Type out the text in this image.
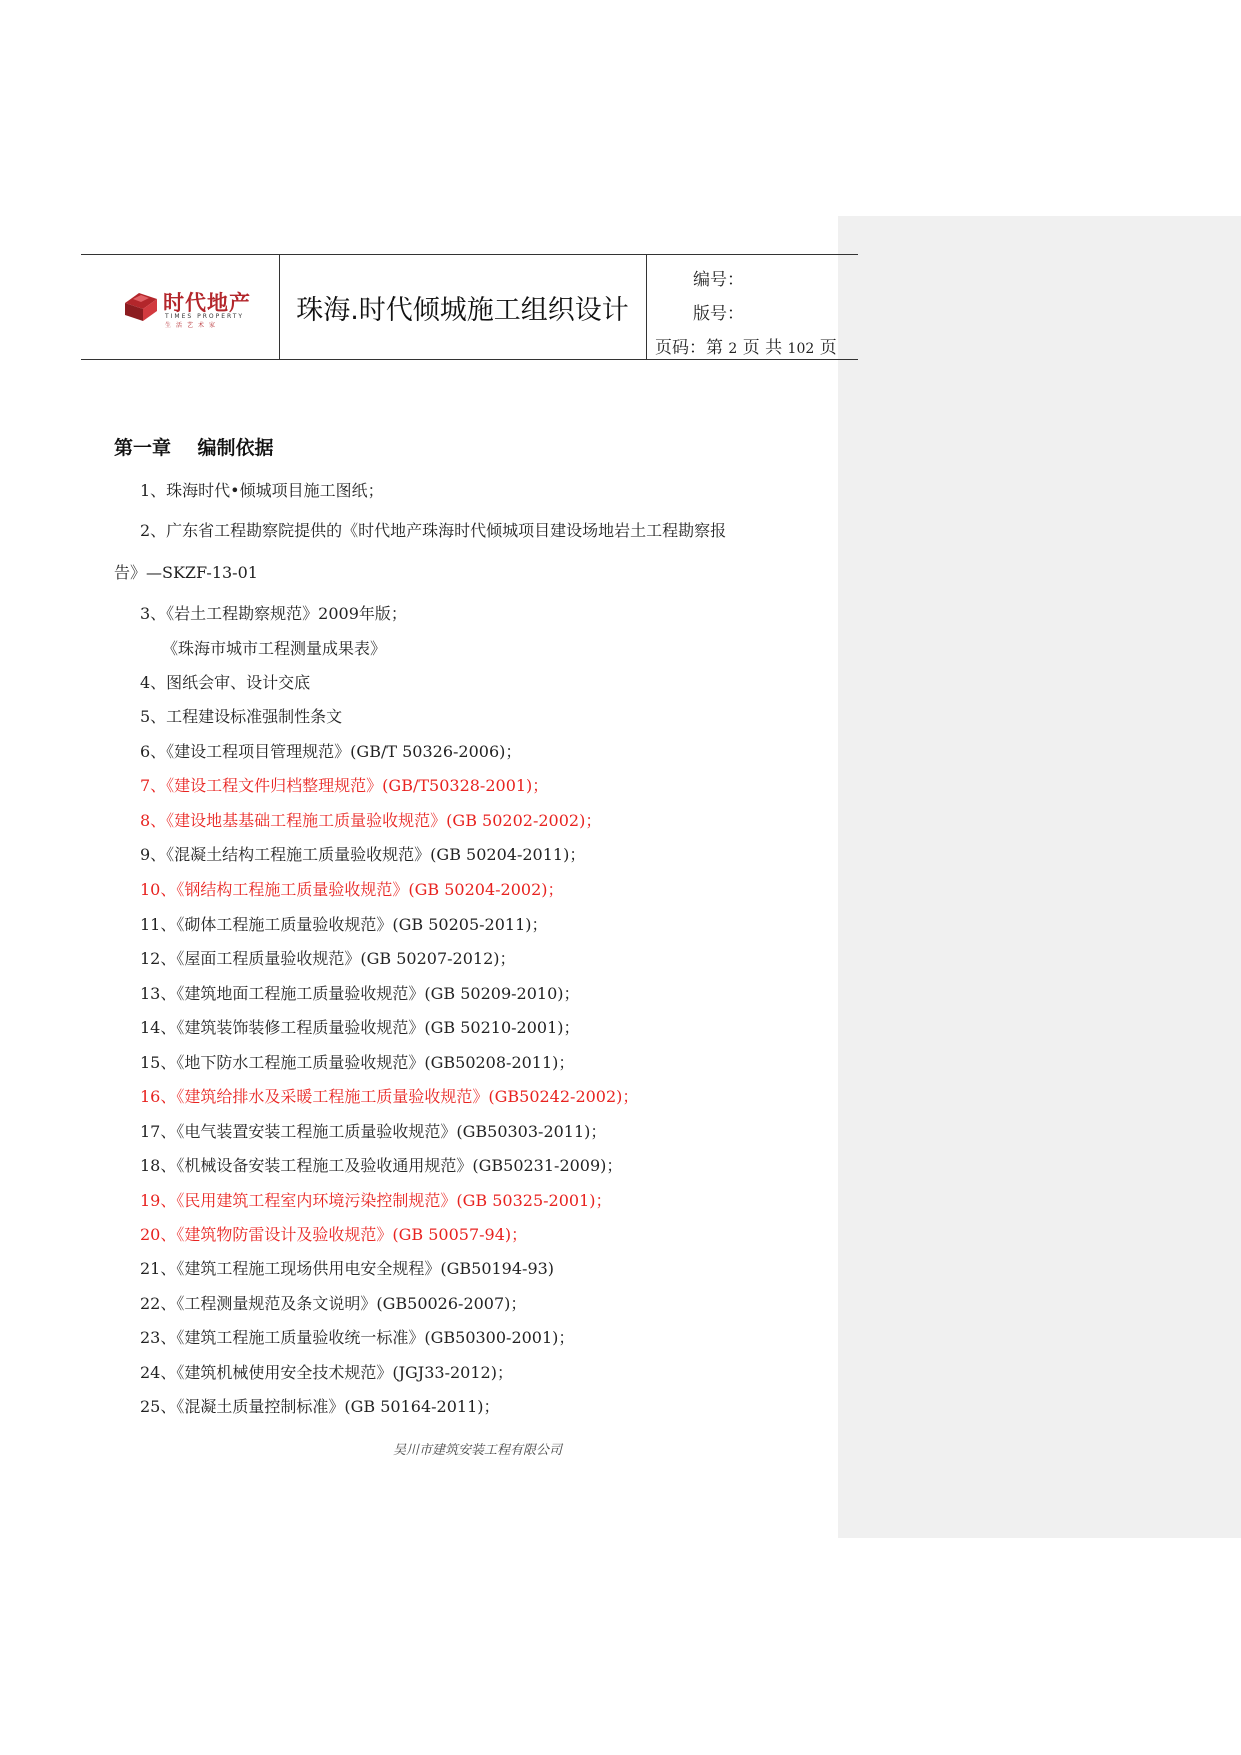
时代地产
TIMES PROPERTY
生活艺术家	珠海.时代倾城施工组织设计
编号：
版号：
页码：第 2 页 共 102 页
第一章    编制依据
1、珠海时代•倾城项目施工图纸；
2、广东省工程勘察院提供的《时代地产珠海时代倾城项目建设场地岩土工程勘察报
告》—SKZF-13-01
3、《岩土工程勘察规范》2009年版；
《珠海市城市工程测量成果表》
4、图纸会审、设计交底
5、工程建设标准强制性条文
6、《建设工程项目管理规范》(GB/T 50326-2006)；
7、《建设工程文件归档整理规范》(GB/T50328-2001)；
8、《建设地基基础工程施工质量验收规范》(GB 50202-2002)；
9、《混凝土结构工程施工质量验收规范》(GB 50204-2011)；
10、《钢结构工程施工质量验收规范》(GB 50204-2002)；
11、《砌体工程施工质量验收规范》(GB 50205-2011)；
12、《屋面工程质量验收规范》(GB 50207-2012)；
13、《建筑地面工程施工质量验收规范》(GB 50209-2010)；
14、《建筑装饰装修工程质量验收规范》(GB 50210-2001)；
15、《地下防水工程施工质量验收规范》(GB50208-2011)；
16、《建筑给排水及采暖工程施工质量验收规范》(GB50242-2002)；
17、《电气装置安装工程施工质量验收规范》(GB50303-2011)；
18、《机械设备安装工程施工及验收通用规范》(GB50231-2009)；
19、《民用建筑工程室内环境污染控制规范》(GB 50325-2001)；
20、《建筑物防雷设计及验收规范》(GB 50057-94)；
21、《建筑工程施工现场供用电安全规程》(GB50194-93)
22、《工程测量规范及条文说明》(GB50026-2007)；
23、《建筑工程施工质量验收统一标准》(GB50300-2001)；
24、《建筑机械使用安全技术规范》(JGJ33-2012)；
25、《混凝土质量控制标准》(GB 50164-2011)；
吴川市建筑安装工程有限公司
